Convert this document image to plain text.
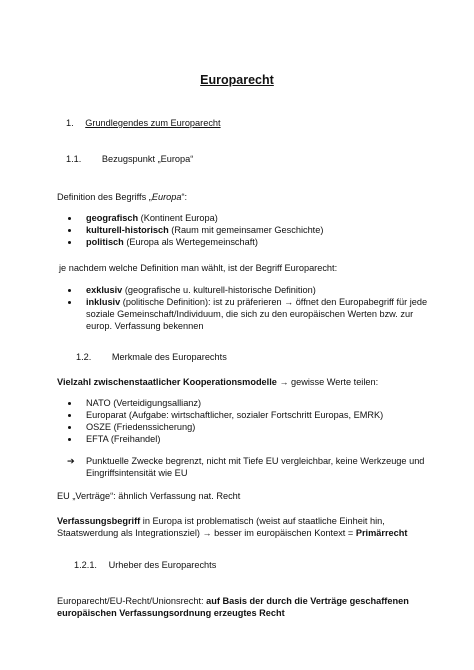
Europarecht
1. Grundlegendes zum Europarecht
1.1. Bezugspunkt „Europa“
Definition des Begriffs „Europa“:
geografisch (Kontinent Europa)
kulturell-historisch (Raum mit gemeinsamer Geschichte)
politisch (Europa als Wertegemeinschaft)
je nachdem welche Definition man wählt, ist der Begriff Europarecht:
exklusiv (geografische u. kulturell-historische Definition)
inklusiv (politische Definition): ist zu präferieren → öffnet den Europabegriff für jede
soziale Gemeinschaft/Individuum, die sich zu den europäischen Werten bzw. zur
europ. Verfassung bekennen
1.2. Merkmale des Europarechts
Vielzahl zwischenstaatlicher Kooperationsmodelle → gewisse Werte teilen:
NATO (Verteidigungsallianz)
Europarat (Aufgabe: wirtschaftlicher, sozialer Fortschritt Europas, EMRK)
OSZE (Friedenssicherung)
EFTA (Freihandel)
➔ Punktuelle Zwecke begrenzt, nicht mit Tiefe EU vergleichbar, keine Werkzeuge und
Eingriffsintensität wie EU
EU „Verträge“: ähnlich Verfassung nat. Recht
Verfassungsbegriff in Europa ist problematisch (weist auf staatliche Einheit hin,
Staatswerdung als Integrationsziel) → besser im europäischen Kontext = Primärrecht
1.2.1. Urheber des Europarechts
Europarecht/EU-Recht/Unionsrecht: auf Basis der durch die Verträge geschaffenen
europäischen Verfassungsordnung erzeugtes Recht
